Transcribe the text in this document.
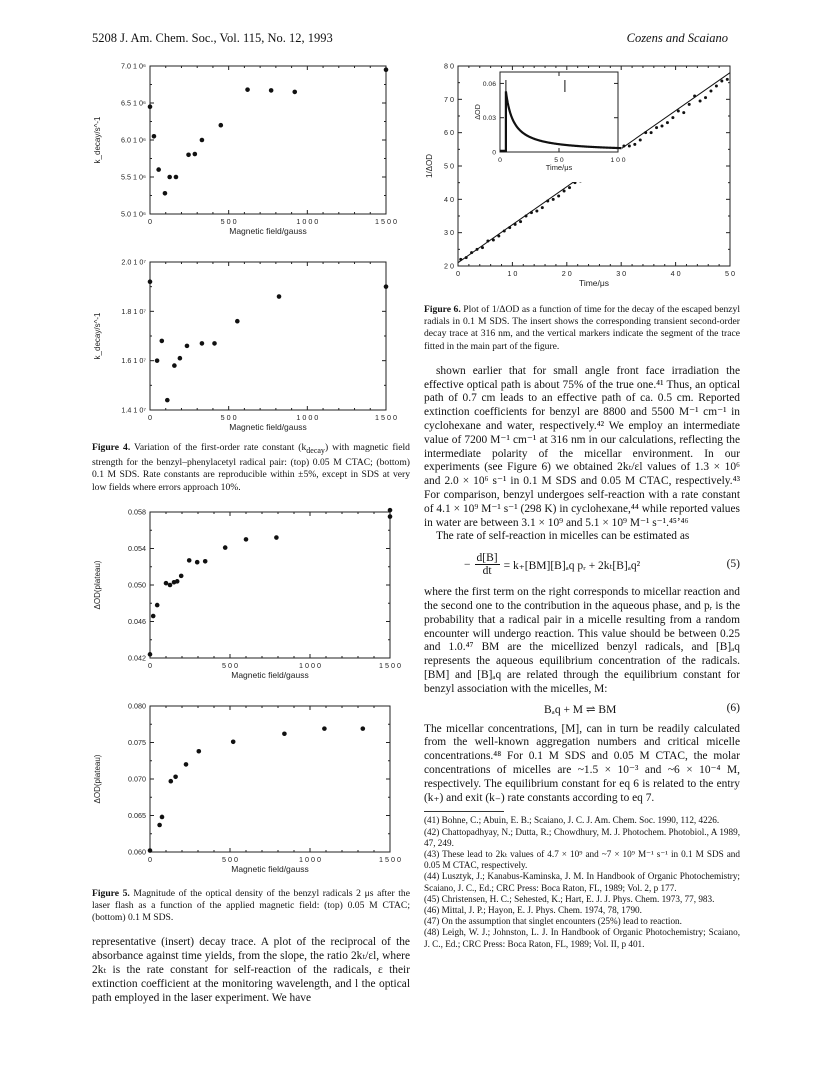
5208 J. Am. Chem. Soc., Vol. 115, No. 12, 1993	Cozens and Scaiano
0	5 0 0	1 0 0 0	1 5 0 0
5.0 1 0⁶
5.5 1 0⁶
6.0 1 0⁶
6.5 1 0⁶
7.0 1 0⁶
Magnetic field/gauss
k_decay/s^-1
0	5 0 0	1 0 0 0	1 5 0 0
1.4 1 0⁷
1.6 1 0⁷
1.8 1 0⁷
2.0 1 0⁷
Magnetic field/gauss
k_decay/s^-1

Figure 4. Variation of the first-order rate constant $(k_{decay})$ with magnetic field strength for the benzyl–phenylacetyl radical pair: (top) 0.05 M CTAC; (bottom) 0.1 M SDS. Rate constants are reproducible within ±5%, except in SDS at very low fields where errors approach 10%.

0	5 0 0	1 0 0 0	1 5 0 0
0.042
0.046
0.050
0.054
0.058
Magnetic field/gauss
ΔOD(plateau)
0	5 0 0	1 0 0 0	1 5 0 0
0.060
0.065
0.070
0.075
0.080
Magnetic field/gauss
ΔOD(plateau)

Figure 5. Magnitude of the optical density of the benzyl radicals 2 μs after the laser flash as a function of the applied magnetic field: (top) 0.05 M CTAC; (bottom) 0.1 M SDS.

representative (insert) decay trace. A plot of the reciprocal of the absorbance against time yields, from the slope, the ratio 2kₜ/εl, where 2kₜ is the rate constant for self-reaction of the radicals, ε their extinction coefficient at the monitoring wavelength, and l the optical path employed in the laser experiment. We have

0	1 0	2 0	3 0	4 0	5 0
2 0
3 0
4 0
5 0
6 0
7 0
8 0
Time/μs
1/ΔOD	0	5 0	1 0 0
0
0.03
0.06
Time/μs
ΔOD

Figure 6. Plot of 1/ΔOD as a function of time for the decay of the escaped benzyl radials in 0.1 M SDS. The insert shows the corresponding transient second-order decay trace at 316 nm, and the vertical markers indicate the segment of the trace fitted in the main part of the figure.

shown earlier that for small angle front face irradiation the effective optical path is about 75% of the true one.⁴¹ Thus, an optical path of 0.7 cm leads to an effective path of ca. 0.5 cm. Reported extinction coefficients for benzyl are 8800 and 5500 M⁻¹ cm⁻¹ in cyclohexane and water, respectively.⁴² We employ an intermediate value of 7200 M⁻¹ cm⁻¹ at 316 nm in our calculations, reflecting the intermediate polarity of the micellar environment. In our experiments (see Figure 6) we obtained 2kₜ/εl values of 1.3 × 10⁶ and 2.0 × 10⁶ s⁻¹ in 0.1 M SDS and 0.05 M CTAC, respectively.⁴³ For comparison, benzyl undergoes self-reaction with a rate constant of 4.1 × 10⁹ M⁻¹ s⁻¹ (298 K) in cyclohexane,⁴⁴ while reported values in water are between 3.1 × 10⁹ and 5.1 × 10⁹ M⁻¹ s⁻¹.⁴⁵ʼ⁴⁶

The rate of self-reaction in micelles can be estimated as

− $\frac{d[B]}{dt} = k_+[BM][B]_aq$ pᵣ + 2kₜ[B]ₐq²	(5)

where the first term on the right corresponds to micellar reaction and the second one to the contribution in the aqueous phase, and pᵣ is the probability that a radical pair in a micelle resulting from a random encounter will undergo reaction. This value should be between 0.25 and 1.0.⁴⁷ BM are the micellized benzyl radicals, and [B]ₐq represents the aqueous equilibrium concentration of the radicals. [BM] and [B]ₐq are related through the equilibrium constant for benzyl association with the micelles, M:

Bₐq + M ⇌ BM	(6)

The micellar concentrations, [M], can in turn be readily calculated from the well-known aggregation numbers and critical micelle concentrations.⁴⁸ For 0.1 M SDS and 0.05 M CTAC, the molar concentrations of micelles are ~1.5 × 10⁻³ and ~6 × 10⁻⁴ M, respectively. The equilibrium constant for eq 6 is related to the entry (k₊) and exit (k₋) rate constants according to eq 7.

(41) Bohne, C.; Abuin, E. B.; Scaiano, J. C. J. Am. Chem. Soc. 1990, 112, 4226.
(42) Chattopadhyay, N.; Dutta, R.; Chowdhury, M. J. Photochem. Photobiol., A 1989, 47, 249.
(43) These lead to 2kₜ values of 4.7 × 10⁹ and ~7 × 10⁹ M⁻¹ s⁻¹ in 0.1 M SDS and 0.05 M CTAC, respectively.
(44) Lusztyk, J.; Kanabus-Kaminska, J. M. In Handbook of Organic Photochemistry; Scaiano, J. C., Ed.; CRC Press: Boca Raton, FL, 1989; Vol. 2, p 177.
(45) Christensen, H. C.; Sehested, K.; Hart, E. J. J. Phys. Chem. 1973, 77, 983.
(46) Mittal, J. P.; Hayon, E. J. Phys. Chem. 1974, 78, 1790.
(47) On the assumption that singlet encounters (25%) lead to reaction.
(48) Leigh, W. J.; Johnston, L. J. In Handbook of Organic Photochemistry; Scaiano, J. C., Ed.; CRC Press: Boca Raton, FL, 1989; Vol. II, p 401.
